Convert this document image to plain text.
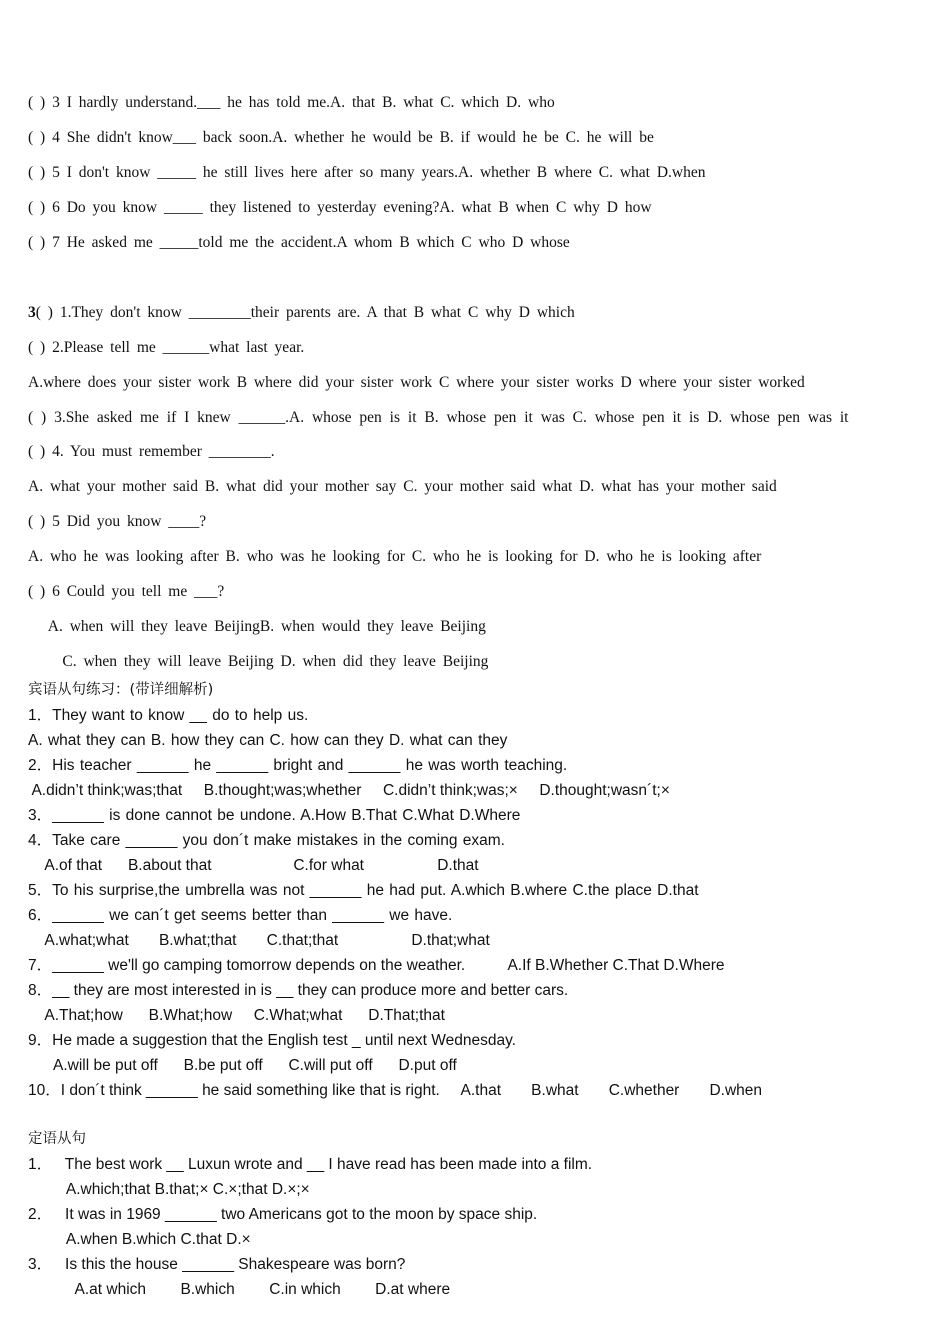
( ) 3 I hardly understand.___ he has told me.A. that B. what C. which D. who
( ) 4 She didn't know___ back soon.A. whether he would be B. if would he be C. he will be
( ) 5 I don't know _____ he still lives here after so many years.A. whether B where C. what D.when
( ) 6 Do you know _____ they listened to yesterday evening?A. what B when C why D how
( ) 7 He asked me _____told me the accident.A whom B which C who D whose
3( ) 1.They don't know ________their parents are. A that B what C why D which
( ) 2.Please tell me ______what last year.
A.where does your sister work B where did your sister work C where your sister works D where your sister worked
( ) 3.She asked me if I knew ______.A. whose pen is it B. whose pen it was C. whose pen it is D. whose pen was it
( ) 4. You must remember ________.
A. what your mother said B. what did your mother say C. your mother said what D. what has your mother said
( ) 5 Did you know ____?
A. who he was looking after B. who was he looking for C. who he is looking for D. who he is looking after
( ) 6 Could you tell me ___?
A. when will they leave BeijingB. when would they leave Beijing
C. when they will leave Beijing D. when did they leave Beijing
宾语从句练习：(带详细解析)
1．They want to know __ do to help us.
A. what they can B. how they can C. how can they D. what can they
2．His teacher ______ he ______ bright and ______ he was worth teaching.
A.didn’t think;was;that     B.thought;was;whether     C.didn’t think;was;×     D.thought;wasn´t;×
3．______ is done cannot be undone. A.How B.That C.What D.Where
4．Take care ______ you don´t make mistakes in the coming exam.
A.of that      B.about that                   C.for what                 D.that
5．To his surprise,the umbrella was not ______ he had put. A.which B.where C.the place D.that
6．______ we can´t get seems better than ______ we have.
A.what;what       B.what;that       C.that;that                 D.that;what
7．______ we'll go camping tomorrow depends on the weather.          A.If B.Whether C.That D.Where
8．__ they are most interested in is __ they can produce more and better cars.
A.That;how      B.What;how     C.What;what      D.That;that
9．He made a suggestion that the English test _ until next Wednesday.
A.will be put off      B.be put off      C.will put off      D.put off
10．I don´t think ______ he said something like that is right.     A.that       B.what       C.whether       D.when
定语从句
1．   The best work __ Luxun wrote and __ I have read has been made into a film.
A.which;that B.that;× C.×;that D.×;×
2．   It was in 1969 ______ two Americans got to the moon by space ship.
A.when B.which C.that D.×
3．   Is this the house ______ Shakespeare was born?
A.at which        B.which        C.in which        D.at where
